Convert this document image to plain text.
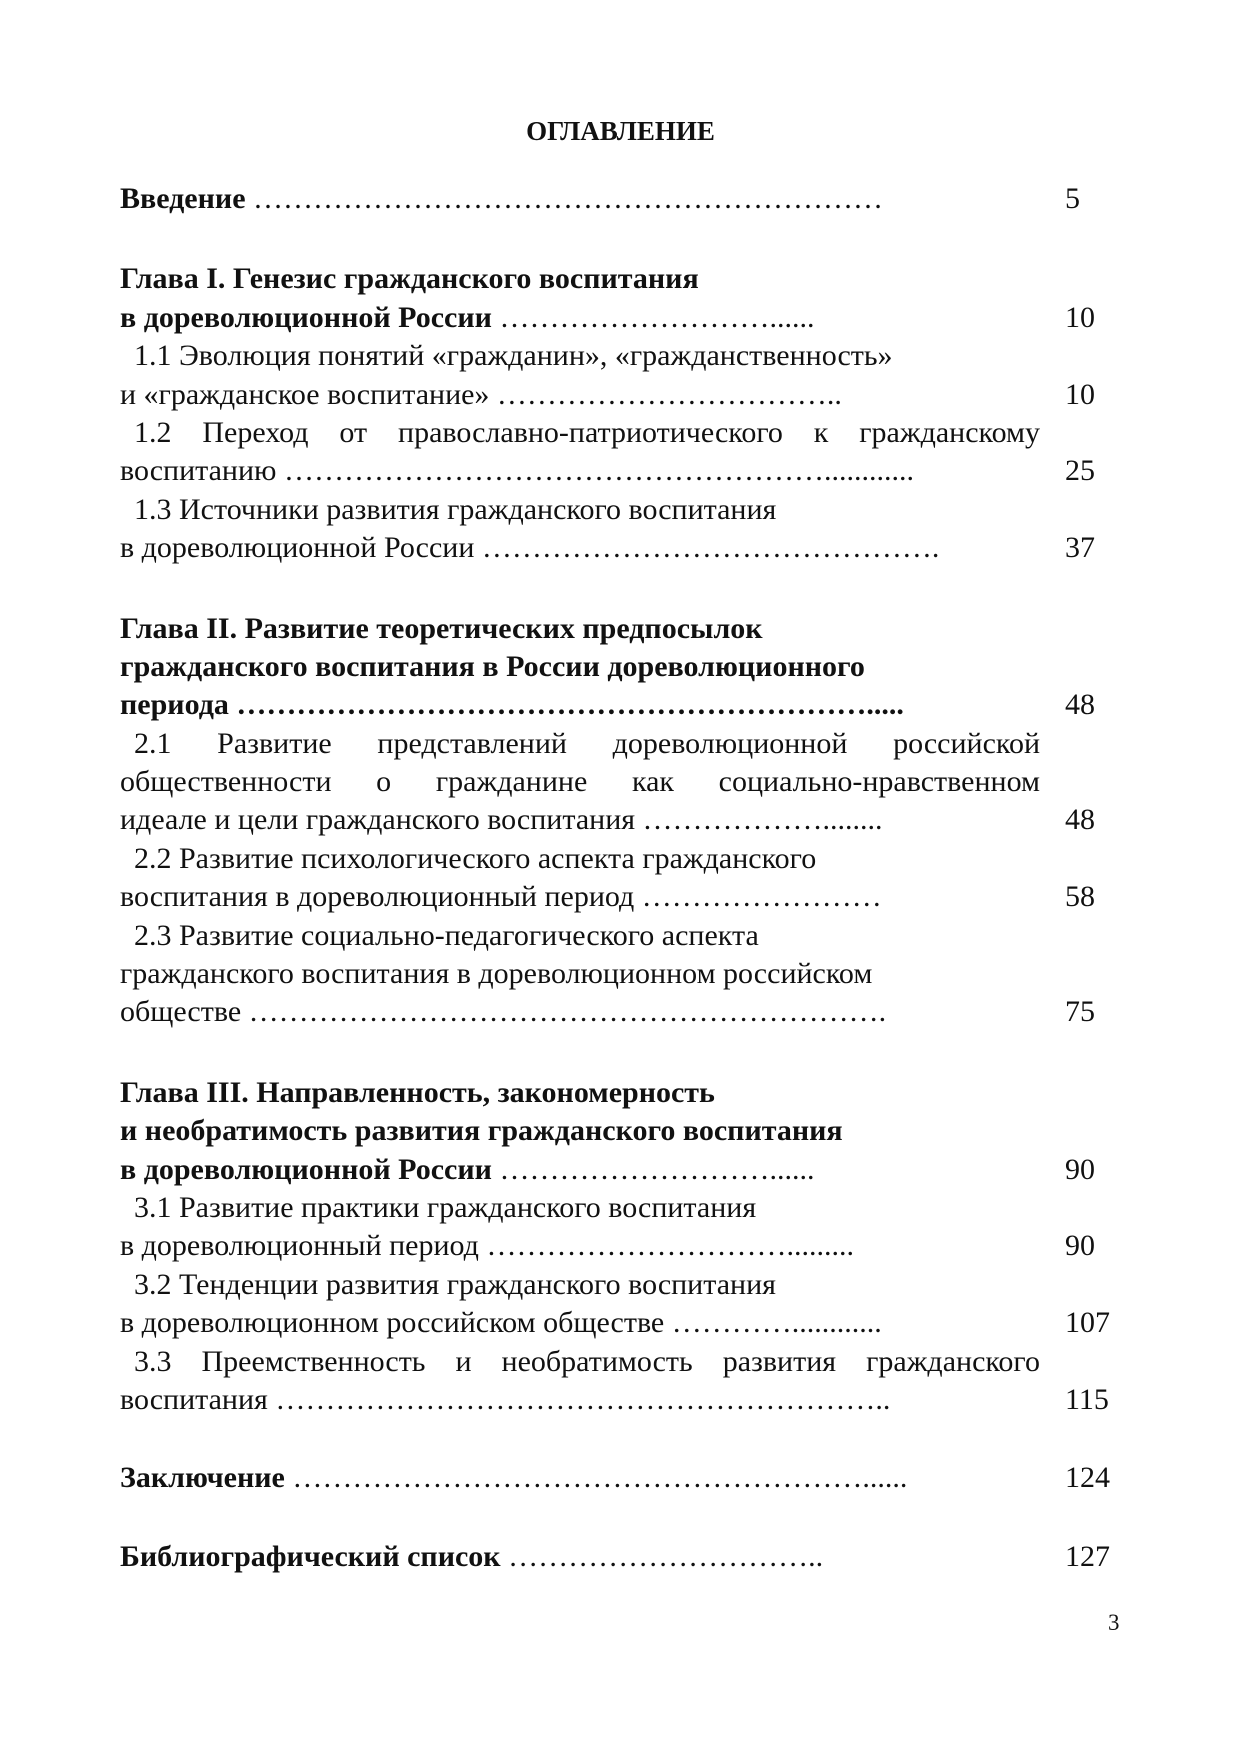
ОГЛАВЛЕНИЕ
Введение ………………………………………………………	5
Глава I. Генезис гражданского воспитания
в дореволюционной России ………………………......	10
1.1 Эволюция понятий «гражданин», «гражданственность»
и «гражданское воспитание» ……………………………..	10
1.2 Переход от православно-патриотического к гражданскому
воспитанию ………………………………………………............	25
1.3 Источники развития гражданского воспитания
в дореволюционной России ……………………………………….	37
Глава II. Развитие теоретических предпосылок
гражданского воспитания в России дореволюционного
периода ……………………………………………………….....	48
2.1 Развитие представлений дореволюционной российской
общественности о гражданине как социально-нравственном
идеале и цели гражданского воспитания ………………........	48
2.2 Развитие психологического аспекта гражданского
воспитания в дореволюционный период ……………………	58
2.3 Развитие социально-педагогического аспекта
гражданского воспитания в дореволюционном российском
обществе ……………………………………………………….	75
Глава III. Направленность, закономерность
и необратимость развития гражданского воспитания
в дореволюционной России ………………………......	90
3.1 Развитие практики гражданского воспитания
в дореволюционный период ………………………….........	90
3.2 Тенденции развития гражданского воспитания
в дореволюционном российском обществе …………............	107
3.3 Преемственность и необратимость развития гражданского
воспитания ……………………………………………………..	115
Заключение …………………………………………………......	124
Библиографический список …………………………..	127
3
